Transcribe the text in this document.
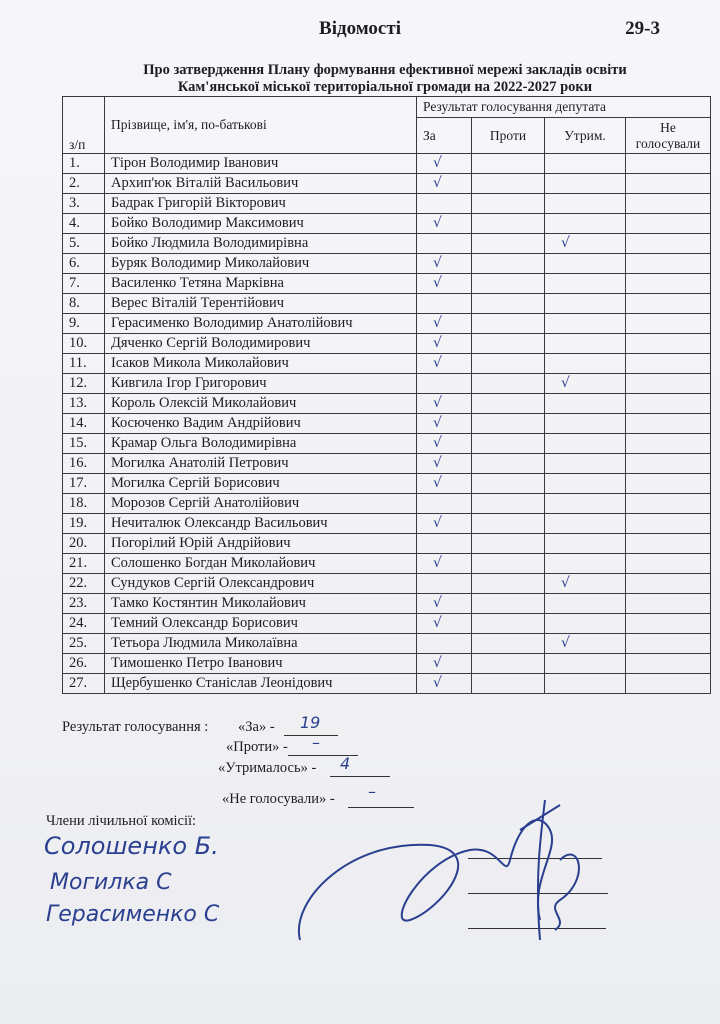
Відомості	29-3
Про затвердження Плану формування ефективної мережі закладів освіти
Кам'янської міської територіальної громади на 2022-2027 роки
з/п	Прізвище, ім'я, по-батькові	Результат голосування депутата			
		За	Проти	Утрим.	Не
голосували

1.	Тірон Володимир Іванович	√			
2.	Архип'юк Віталій Васильович	√			
3.	Бадрак Григорій Вікторович				
4.	Бойко Володимир Максимович	√			
5.	Бойко Людмила Володимирівна			√	
6.	Буряк Володимир Миколайович	√			
7.	Василенко Тетяна Марківна	√			
8.	Верес Віталій Терентійович				
9.	Герасименко Володимир Анатолійович	√			
10.	Дяченко Сергій Володимирович	√			
11.	Ісаков Микола Миколайович	√			
12.	Кивгила Ігор Григорович			√	
13.	Король Олексій Миколайович	√			
14.	Косюченко Вадим Андрійович	√			
15.	Крамар Ольга Володимирівна	√			
16.	Могилка Анатолій Петрович	√			
17.	Могилка Сергій Борисович	√			
18.	Морозов Сергій Анатолійович				
19.	Нечиталюк Олександр Васильович	√			
20.	Погорілий Юрій Андрійович				
21.	Солошенко Богдан Миколайович	√			
22.	Сундуков Сергій Олександрович			√	
23.	Тамко Костянтин Миколайович	√			
24.	Темний Олександр Борисович	√			
25.	Тетьора Людмила Миколаївна			√	
26.	Тимошенко Петро Іванович	√			
27.	Щербушенко Станіслав Леонідович	√			
Результат голосування : «За» - 19
«Проти» - –
«Утрималось» - 4
«Не голосували» - –
Члени лічильної комісії:
Солошенко Б.
Могилка С
Герасименко С
